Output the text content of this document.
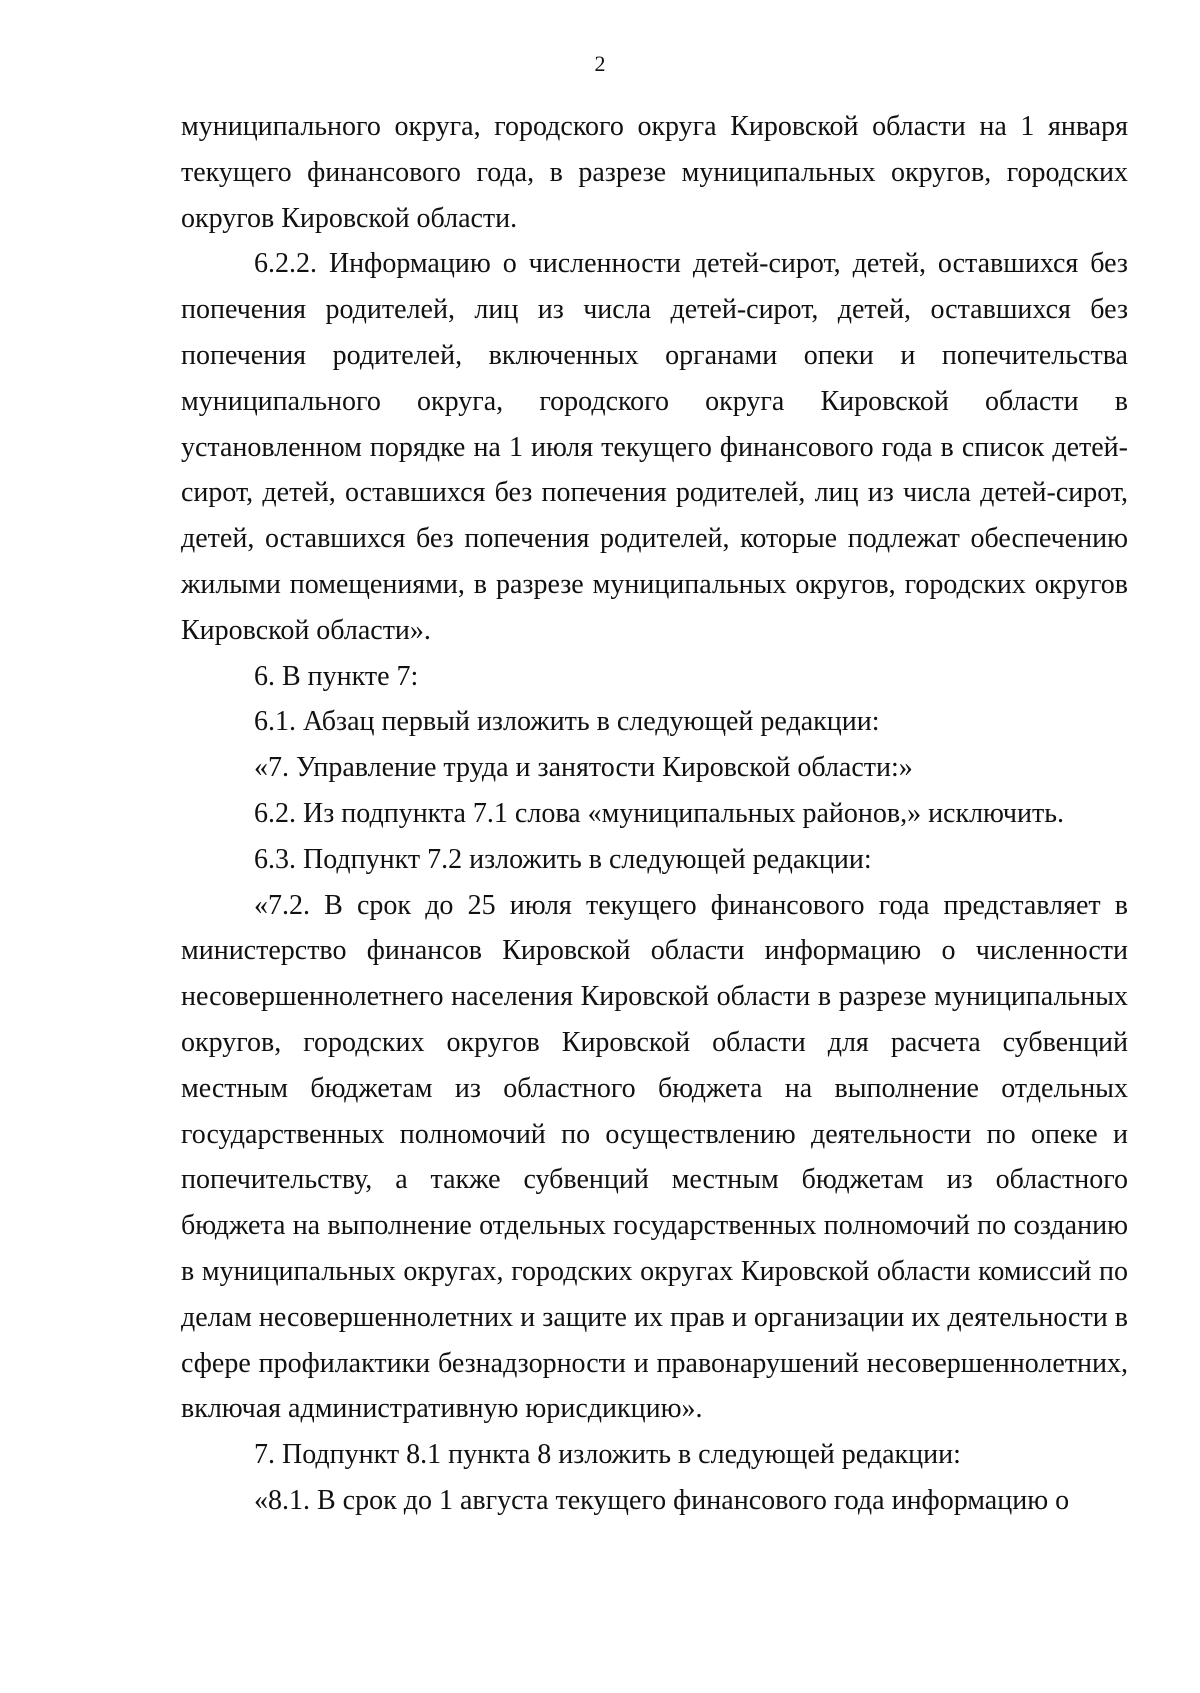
2

муниципального округа, городского округа Кировской области на 1 января текущего финансового года, в разрезе муниципальных округов, городских округов Кировской области.

6.2.2. Информацию о численности детей-сирот, детей, оставшихся без попечения родителей, лиц из числа детей-сирот, детей, оставшихся без попечения родителей, включенных органами опеки и попечительства муниципального округа, городского округа Кировской области в установленном порядке на 1 июля текущего финансового года в список детей-сирот, детей, оставшихся без попечения родителей, лиц из числа детей-сирот, детей, оставшихся без попечения родителей, которые подлежат обеспечению жилыми помещениями, в разрезе муниципальных округов, городских округов Кировской области».

6. В пункте 7:

6.1. Абзац первый изложить в следующей редакции:

«7. Управление труда и занятости Кировской области:»

6.2. Из подпункта 7.1 слова «муниципальных районов,» исключить.

6.3. Подпункт 7.2 изложить в следующей редакции:

«7.2. В срок до 25 июля текущего финансового года представляет в министерство финансов Кировской области информацию о численности несовершеннолетнего населения Кировской области в разрезе муниципальных округов, городских округов Кировской области для расчета субвенций местным бюджетам из областного бюджета на выполнение отдельных государственных полномочий по осуществлению деятельности по опеке и попечительству, а также субвенций местным бюджетам из областного бюджета на выполнение отдельных государственных полномочий по созданию в муниципальных округах, городских округах Кировской области комиссий по делам несовершеннолетних и защите их прав и организации их деятельности в сфере профилактики безнадзорности и правонарушений несовершеннолетних, включая административную юрисдикцию».

7. Подпункт 8.1 пункта 8 изложить в следующей редакции:

«8.1. В срок до 1 августа текущего финансового года информацию о
